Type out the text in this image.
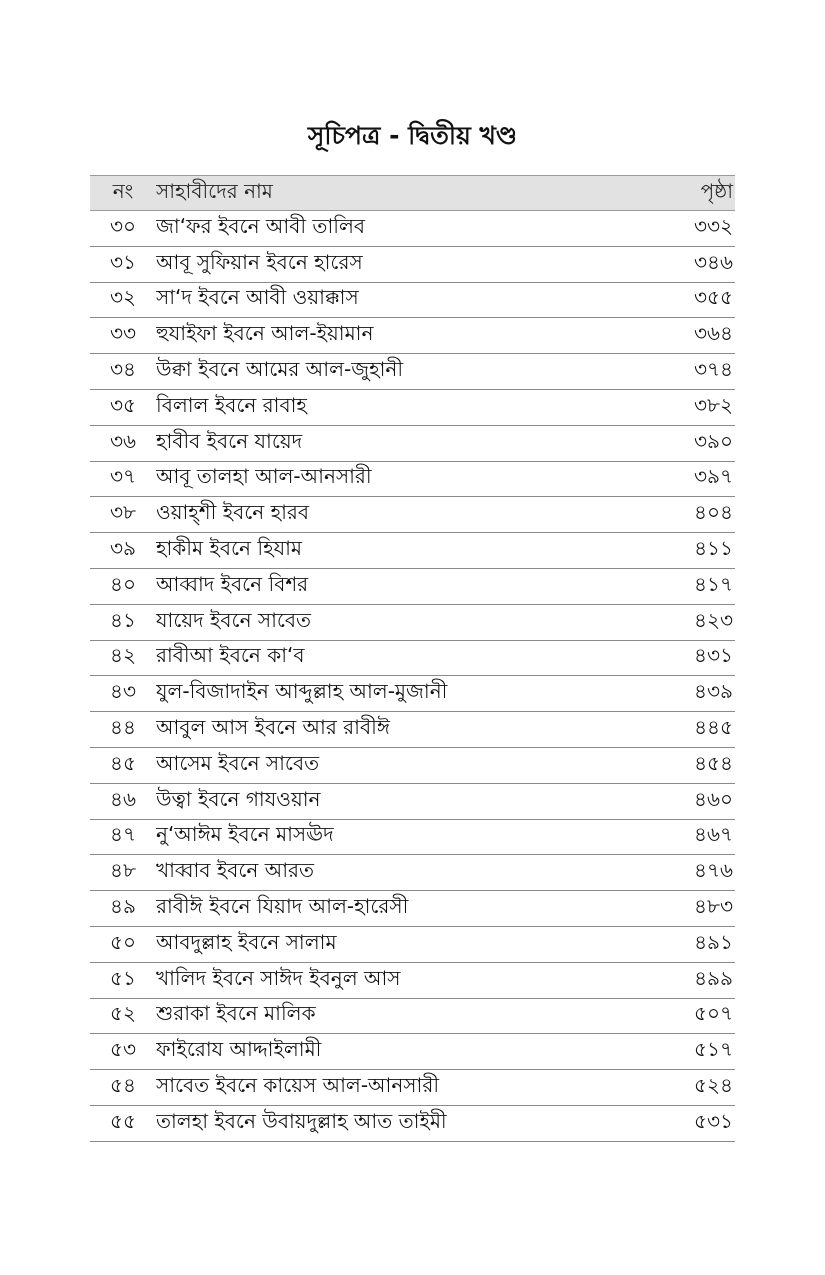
সূচিপত্র - দ্বিতীয় খণ্ড
নং	সাহাবীদের নাম	পৃষ্ঠা
৩০	জা‘ফর ইবনে আবী তালিব	৩৩২
৩১	আবূ সুফিয়ান ইবনে হারেস	৩৪৬
৩২	সা‘দ ইবনে আবী ওয়াক্কাস	৩৫৫
৩৩	হুযাইফা ইবনে আল-ইয়ামান	৩৬৪
৩৪	উক্বা ইবনে আমের আল-জুহানী	৩৭৪
৩৫	বিলাল ইবনে রাবাহ	৩৮২
৩৬	হাবীব ইবনে যায়েদ	৩৯০
৩৭	আবূ তালহা আল-আনসারী	৩৯৭
৩৮	ওয়াহ্শী ইবনে হারব	৪০৪
৩৯	হাকীম ইবনে হিযাম	৪১১
৪০	আব্বাদ ইবনে বিশর	৪১৭
৪১	যায়েদ ইবনে সাবেত	৪২৩
৪২	রাবীআ ইবনে কা‘ব	৪৩১
৪৩	যুল-বিজাদাইন আব্দুল্লাহ আল-মুজানী	৪৩৯
৪৪	আবুল আস ইবনে আর রাবীঈ	৪৪৫
৪৫	আসেম ইবনে সাবেত	৪৫৪
৪৬	উত্বা ইবনে গাযওয়ান	৪৬০
৪৭	নু‘আঈম ইবনে মাসঊদ	৪৬৭
৪৮	খাব্বাব ইবনে আরত	৪৭৬
৪৯	রাবীঈ ইবনে যিয়াদ আল-হারেসী	৪৮৩
৫০	আবদুল্লাহ ইবনে সালাম	৪৯১
৫১	খালিদ ইবনে সাঈদ ইবনুল আস	৪৯৯
৫২	শুরাকা ইবনে মালিক	৫০৭
৫৩	ফাইরোয আদ্দাইলামী	৫১৭
৫৪	সাবেত ইবনে কায়েস আল-আনসারী	৫২৪
৫৫	তালহা ইবনে উবায়দুল্লাহ আত তাইমী	৫৩১
